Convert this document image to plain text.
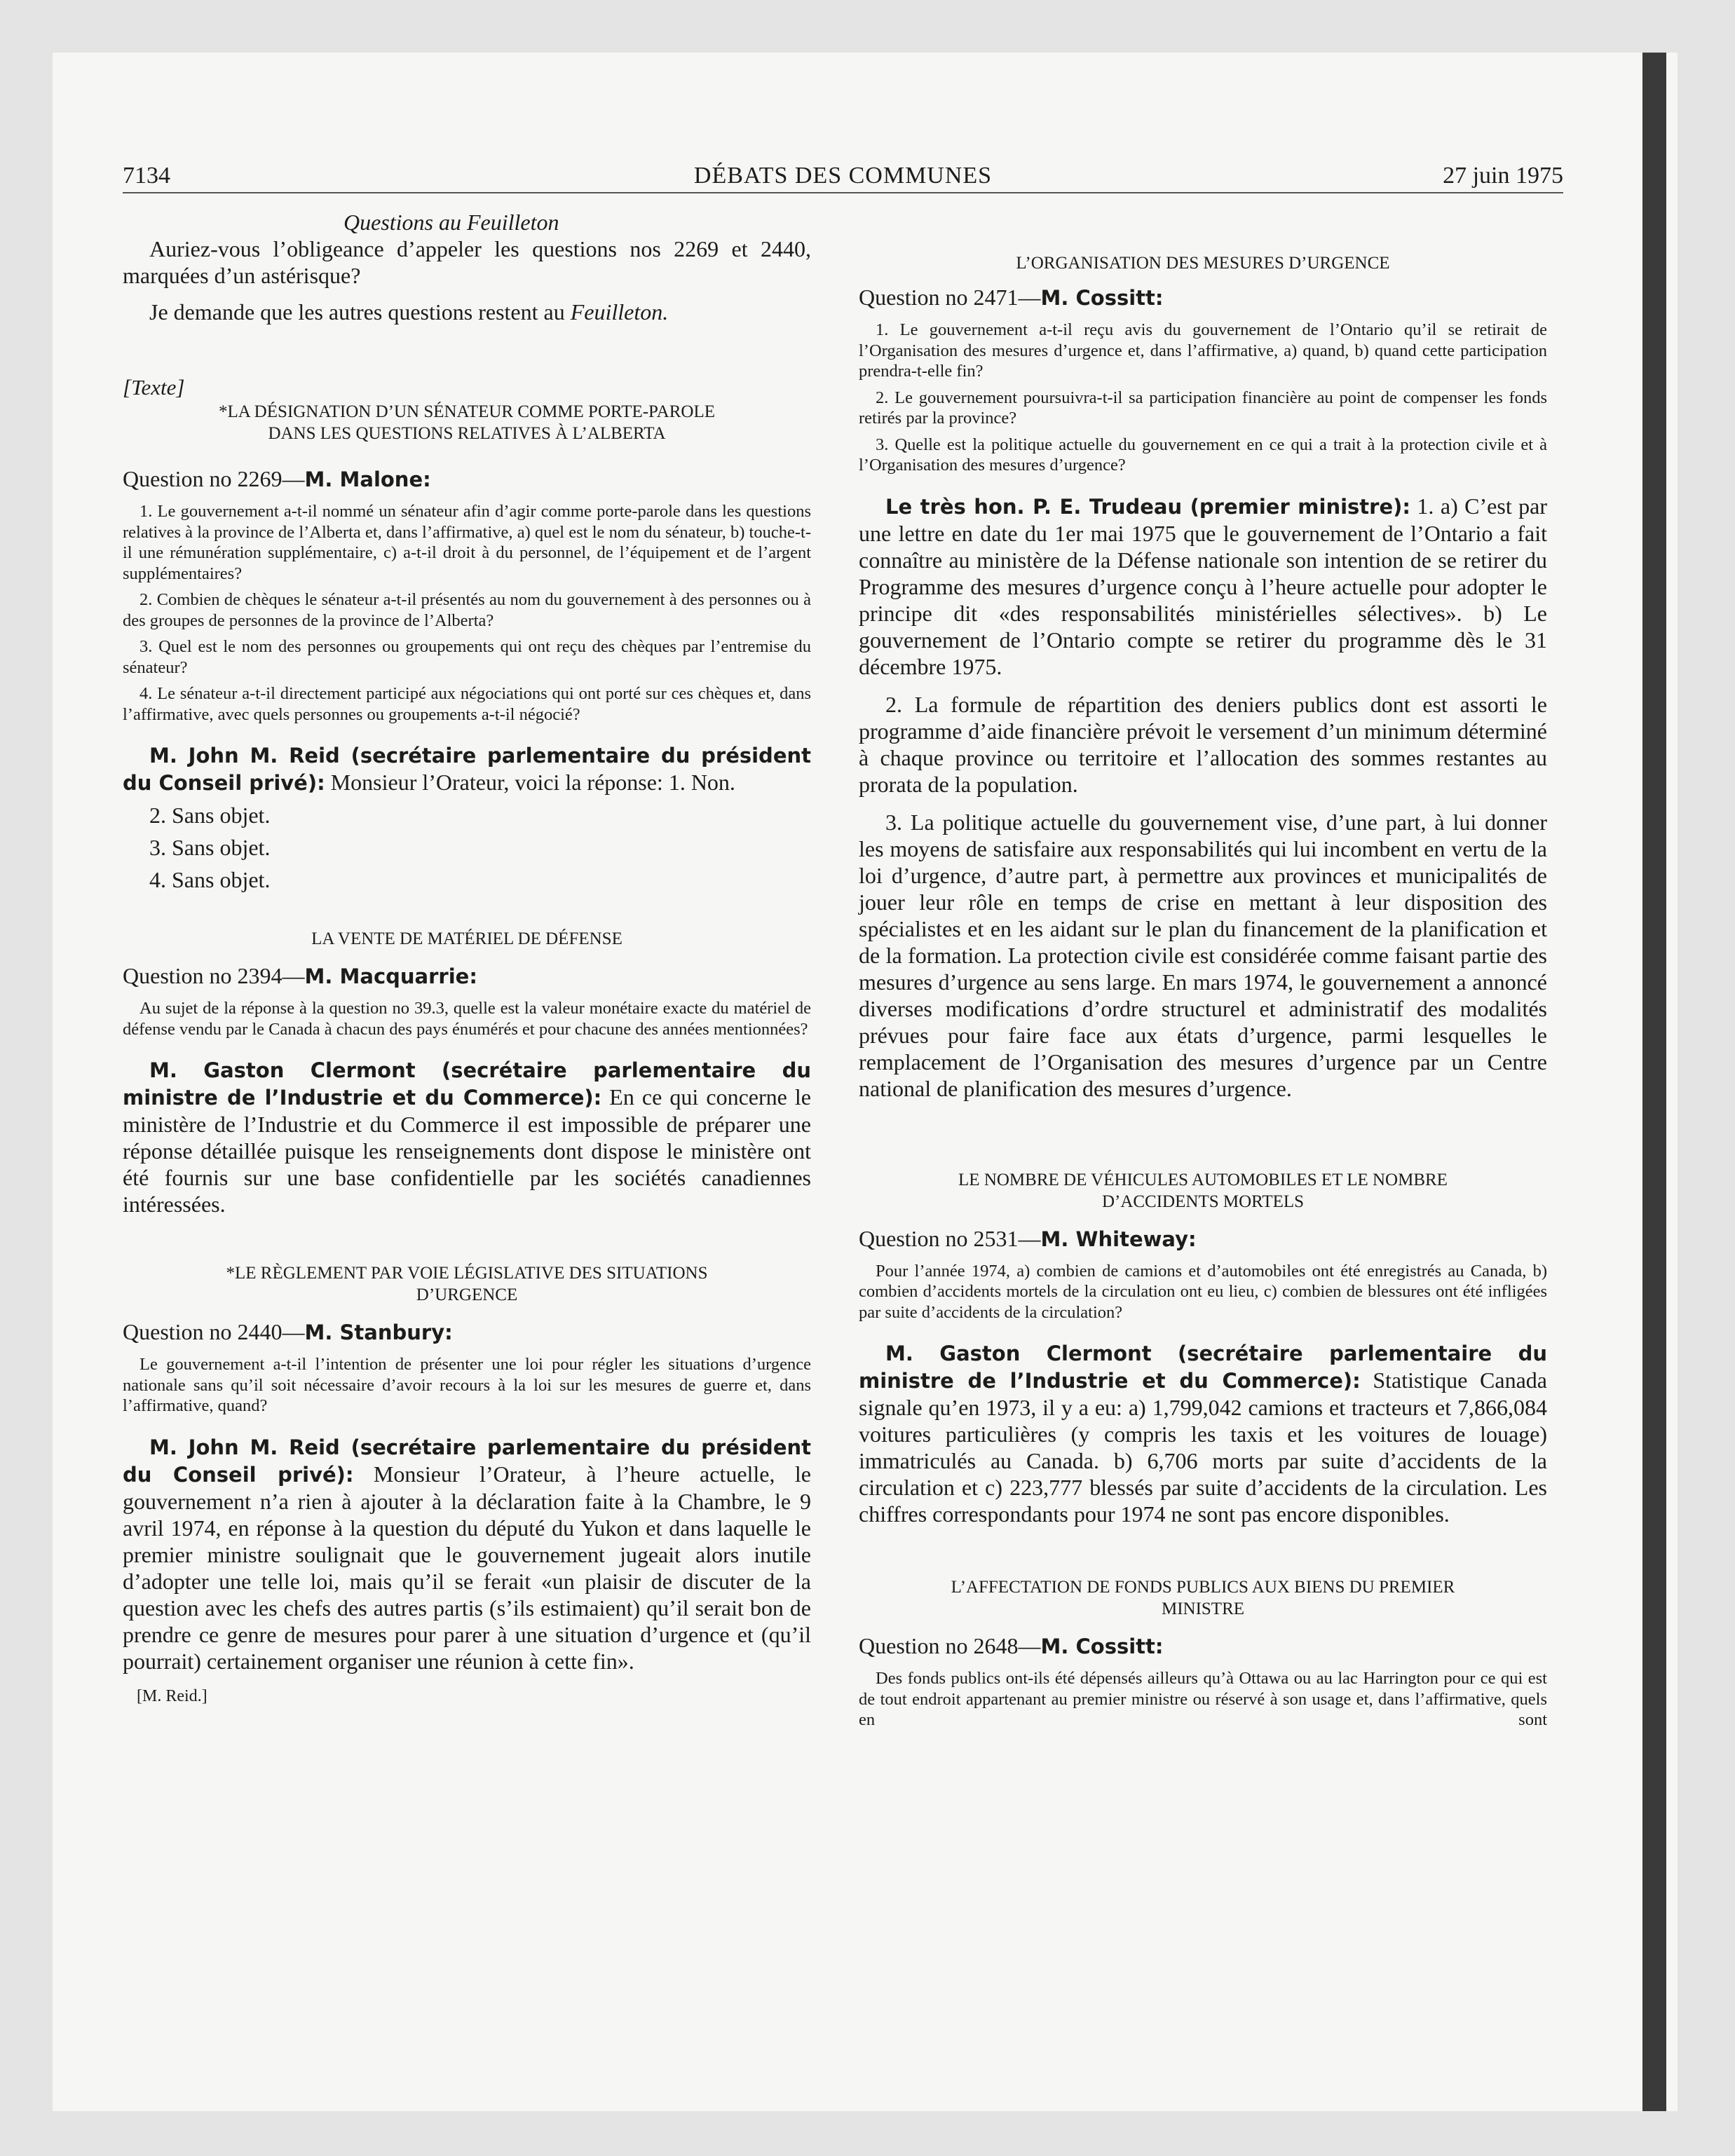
7134	DÉBATS DES COMMUNES	27 juin 1975

Questions au Feuilleton

Auriez-vous l’obligeance d’appeler les questions nos 2269 et 2440, marquées d’un astérisque?

Je demande que les autres questions restent au Feuilleton.

[Texte]

*LA DÉSIGNATION D’UN SÉNATEUR COMME PORTE-PAROLE

DANS LES QUESTIONS RELATIVES À L’ALBERTA

Question no 2269—M. Malone:

1. Le gouvernement a-t-il nommé un sénateur afin d’agir comme porte-parole dans les questions relatives à la province de l’Alberta et, dans l’affirmative, a) quel est le nom du sénateur, b) touche-t-il une rémunération supplémentaire, c) a-t-il droit à du personnel, de l’équipement et de l’argent supplémentaires?

2. Combien de chèques le sénateur a-t-il présentés au nom du gouvernement à des personnes ou à des groupes de personnes de la province de l’Alberta?

3. Quel est le nom des personnes ou groupements qui ont reçu des chèques par l’entremise du sénateur?

4. Le sénateur a-t-il directement participé aux négociations qui ont porté sur ces chèques et, dans l’affirmative, avec quels personnes ou groupements a-t-il négocié?

M. John M. Reid (secrétaire parlementaire du président du Conseil privé): Monsieur l’Orateur, voici la réponse: 1. Non.

2. Sans objet.

3. Sans objet.

4. Sans objet.

LA VENTE DE MATÉRIEL DE DÉFENSE

Question no 2394—M. Macquarrie:

Au sujet de la réponse à la question no 39.3, quelle est la valeur monétaire exacte du matériel de défense vendu par le Canada à chacun des pays énumérés et pour chacune des années mentionnées?

M. Gaston Clermont (secrétaire parlementaire du ministre de l’Industrie et du Commerce): En ce qui concerne le ministère de l’Industrie et du Commerce il est impossible de préparer une réponse détaillée puisque les renseignements dont dispose le ministère ont été fournis sur une base confidentielle par les sociétés canadiennes intéressées.

*LE RÈGLEMENT PAR VOIE LÉGISLATIVE DES SITUATIONS

D’URGENCE

Question no 2440—M. Stanbury:

Le gouvernement a-t-il l’intention de présenter une loi pour régler les situations d’urgence nationale sans qu’il soit nécessaire d’avoir recours à la loi sur les mesures de guerre et, dans l’affirmative, quand?

M. John M. Reid (secrétaire parlementaire du président du Conseil privé): Monsieur l’Orateur, à l’heure actuelle, le gouvernement n’a rien à ajouter à la déclaration faite à la Chambre, le 9 avril 1974, en réponse à la question du député du Yukon et dans laquelle le premier ministre soulignait que le gouvernement jugeait alors inutile d’adopter une telle loi, mais qu’il se ferait «un plaisir de discuter de la question avec les chefs des autres partis (s’ils estimaient) qu’il serait bon de prendre ce genre de mesures pour parer à une situation d’urgence et (qu’il pourrait) certainement organiser une réunion à cette fin».

[M. Reid.]

L’ORGANISATION DES MESURES D’URGENCE

Question no 2471—M. Cossitt:

1. Le gouvernement a-t-il reçu avis du gouvernement de l’Ontario qu’il se retirait de l’Organisation des mesures d’urgence et, dans l’affirmative, a) quand, b) quand cette participation prendra-t-elle fin?

2. Le gouvernement poursuivra-t-il sa participation financière au point de compenser les fonds retirés par la province?

3. Quelle est la politique actuelle du gouvernement en ce qui a trait à la protection civile et à l’Organisation des mesures d’urgence?

Le très hon. P. E. Trudeau (premier ministre): 1. a) C’est par une lettre en date du 1er mai 1975 que le gouvernement de l’Ontario a fait connaître au ministère de la Défense nationale son intention de se retirer du Programme des mesures d’urgence conçu à l’heure actuelle pour adopter le principe dit «des responsabilités ministérielles sélectives». b) Le gouvernement de l’Ontario compte se retirer du programme dès le 31 décembre 1975.

2. La formule de répartition des deniers publics dont est assorti le programme d’aide financière prévoit le versement d’un minimum déterminé à chaque province ou territoire et l’allocation des sommes restantes au prorata de la population.

3. La politique actuelle du gouvernement vise, d’une part, à lui donner les moyens de satisfaire aux responsabilités qui lui incombent en vertu de la loi d’urgence, d’autre part, à permettre aux provinces et municipalités de jouer leur rôle en temps de crise en mettant à leur disposition des spécialistes et en les aidant sur le plan du financement de la planification et de la formation. La protection civile est considérée comme faisant partie des mesures d’urgence au sens large. En mars 1974, le gouvernement a annoncé diverses modifications d’ordre structurel et administratif des modalités prévues pour faire face aux états d’urgence, parmi lesquelles le remplacement de l’Organisation des mesures d’urgence par un Centre national de planification des mesures d’urgence.

LE NOMBRE DE VÉHICULES AUTOMOBILES ET LE NOMBRE

D’ACCIDENTS MORTELS

Question no 2531—M. Whiteway:

Pour l’année 1974, a) combien de camions et d’automobiles ont été enregistrés au Canada, b) combien d’accidents mortels de la circulation ont eu lieu, c) combien de blessures ont été infligées par suite d’accidents de la circulation?

M. Gaston Clermont (secrétaire parlementaire du ministre de l’Industrie et du Commerce): Statistique Canada signale qu’en 1973, il y a eu: a) 1,799,042 camions et tracteurs et 7,866,084 voitures particulières (y compris les taxis et les voitures de louage) immatriculés au Canada. b) 6,706 morts par suite d’accidents de la circulation et c) 223,777 blessés par suite d’accidents de la circulation. Les chiffres correspondants pour 1974 ne sont pas encore disponibles.

L’AFFECTATION DE FONDS PUBLICS AUX BIENS DU PREMIER

MINISTRE

Question no 2648—M. Cossitt:

Des fonds publics ont-ils été dépensés ailleurs qu’à Ottawa ou au lac Harrington pour ce qui est de tout endroit appartenant au premier ministre ou réservé à son usage et, dans l’affirmative, quels en sont
